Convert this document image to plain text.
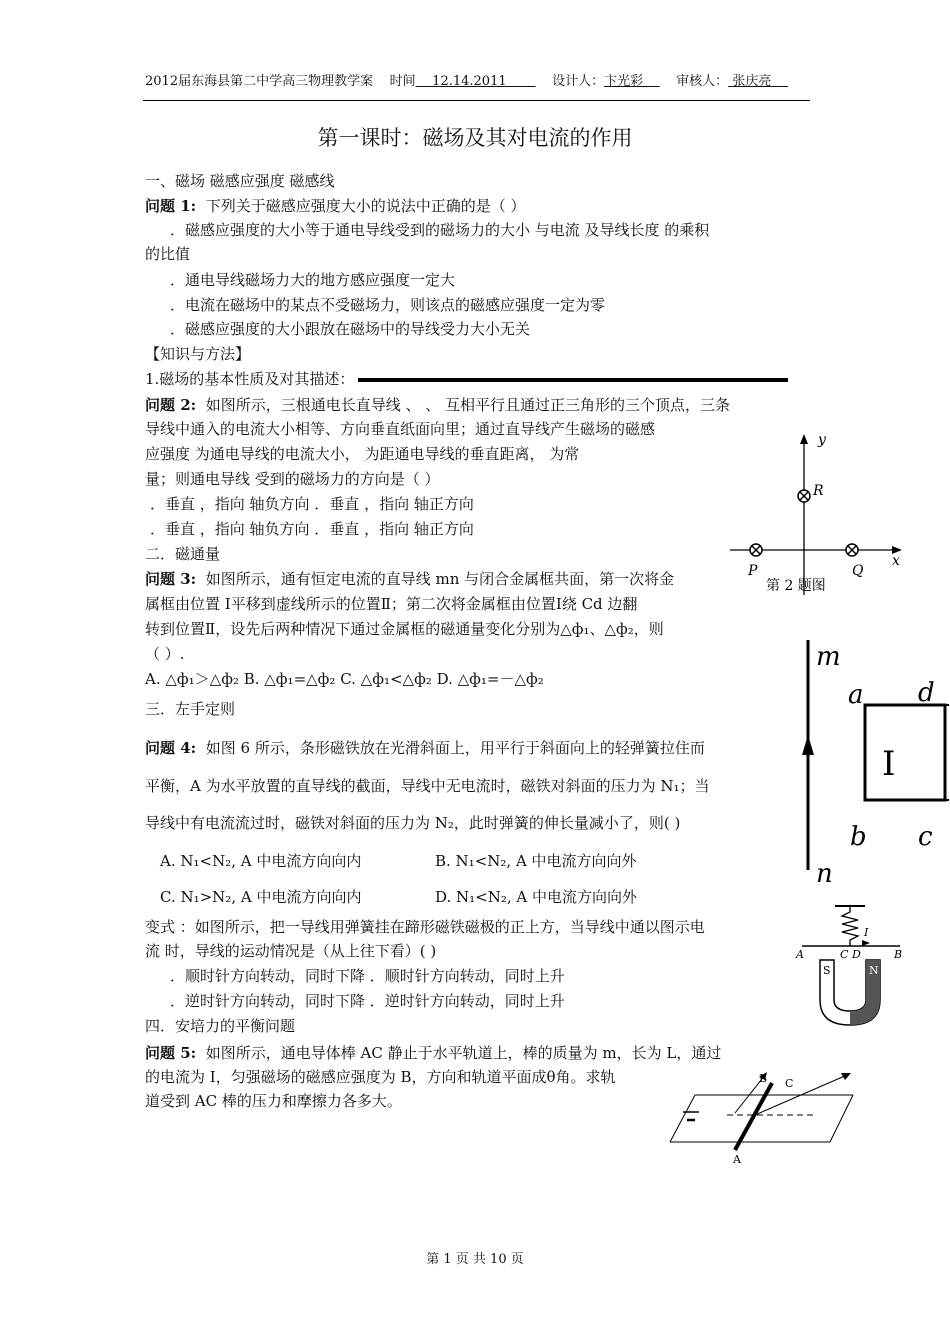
2012届东海县第二中学高三物理教学案 时间 12.14.2011	设计人：卞光彩	审核人： 张庆亮
第一课时：磁场及其对电流的作用
一、磁场 磁感应强度 磁感线
问题 1: 下列关于磁感应强度大小的说法中正确的是（ ）
．磁感应强度的大小等于通电导线受到的磁场力的大小 与电流 及导线长度 的乘积
的比值
．通电导线磁场力大的地方感应强度一定大
．电流在磁场中的某点不受磁场力，则该点的磁感应强度一定为零
．磁感应强度的大小跟放在磁场中的导线受力大小无关
【知识与方法】
1.磁场的基本性质及对其描述：
问题 2: 如图所示，三根通电长直导线 、 、 互相平行且通过正三角形的三个顶点，三条
导线中通入的电流大小相等、方向垂直纸面向里；通过直导线产生磁场的磁感
应强度 为通电导线的电流大小， 为距通电导线的垂直距离， 为常
量；则通电导线 受到的磁场力的方向是（ ）
．垂直 ，指向 轴负方向 ．垂直 ，指向 轴正方向
．垂直 ，指向 轴负方向 ．垂直 ，指向 轴正方向
二．磁通量
问题 3: 如图所示，通有恒定电流的直导线 mn 与闭合金属框共面，第一次将金
属框由位置 Ⅰ平移到虚线所示的位置Ⅱ；第二次将金属框由位置Ⅰ绕 Cd 边翻
转到位置Ⅱ，设先后两种情况下通过金属框的磁通量变化分别为△ф₁、△ф₂，则
（ ）.
A. △ф₁＞△ф₂ B. △ф₁=△ф₂ C. △ф₁<△ф₂ D. △ф₁=－△ф₂
三．左手定则
问题 4: 如图 6 所示，条形磁铁放在光滑斜面上，用平行于斜面向上的轻弹簧拉住而
平衡，A 为水平放置的直导线的截面，导线中无电流时，磁铁对斜面的压力为 N₁；当
导线中有电流流过时，磁铁对斜面的压力为 N₂，此时弹簧的伸长量减小了，则( )
A. N₁<N₂, A 中电流方向向内	B. N₁<N₂, A 中电流方向向外
C. N₁>N₂, A 中电流方向向内	D. N₁<N₂, A 中电流方向向外
变式 ：如图所示，把一导线用弹簧挂在蹄形磁铁磁极的正上方，当导线中通以图示电
流 时，导线的运动情况是（从上往下看）( )
．顺时针方向转动，同时下降 ．顺时针方向转动，同时上升
．逆时针方向转动，同时下降 ．逆时针方向转动，同时上升
四．安培力的平衡问题
问题 5: 如图所示，通电导体棒 AC 静止于水平轨道上，棒的质量为 m，长为 L，通过
的电流为 I，匀强磁场的磁感应强度为 B，方向和轨道平面成θ角。求轨
道受到 AC 棒的压力和摩擦力各多大。
y
x
R
P	Q
第 2 题图
m
n
a d
b c
I
A	B
C D
I
S	N
B C
A
第 1 页 共 10 页
